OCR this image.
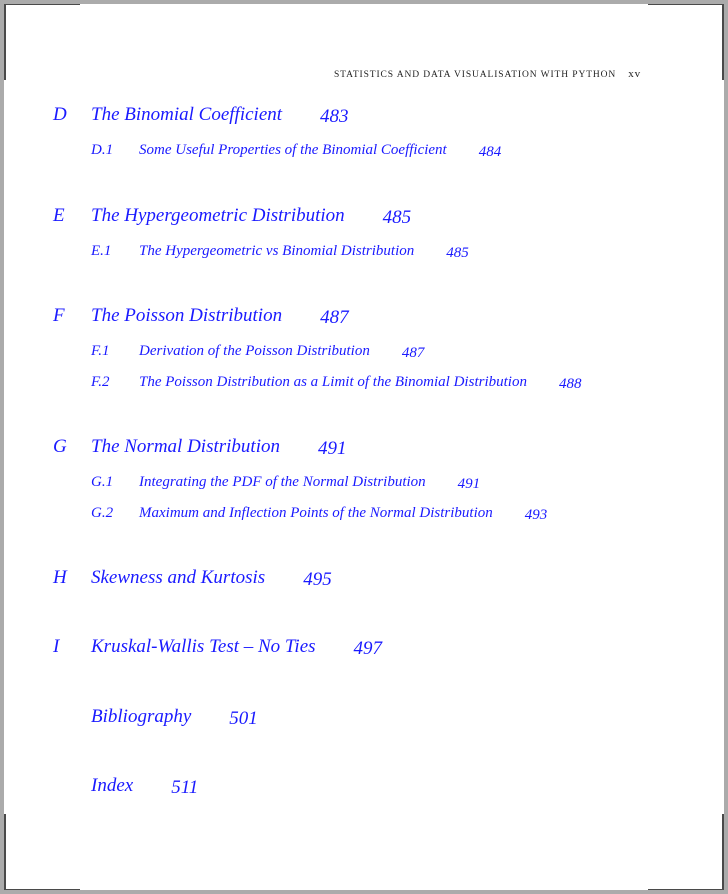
STATISTICS AND DATA VISUALISATION WITH PYTHON xv
D The Binomial Coefficient 483
D.1 Some Useful Properties of the Binomial Coefficient 484
E The Hypergeometric Distribution 485
E.1 The Hypergeometric vs Binomial Distribution 485
F The Poisson Distribution 487
F.1 Derivation of the Poisson Distribution 487
F.2 The Poisson Distribution as a Limit of the Binomial Distribution 488
G The Normal Distribution 491
G.1 Integrating the PDF of the Normal Distribution 491
G.2 Maximum and Inflection Points of the Normal Distribution 493
H Skewness and Kurtosis 495
I Kruskal-Wallis Test – No Ties 497
Bibliography 501
Index 511
